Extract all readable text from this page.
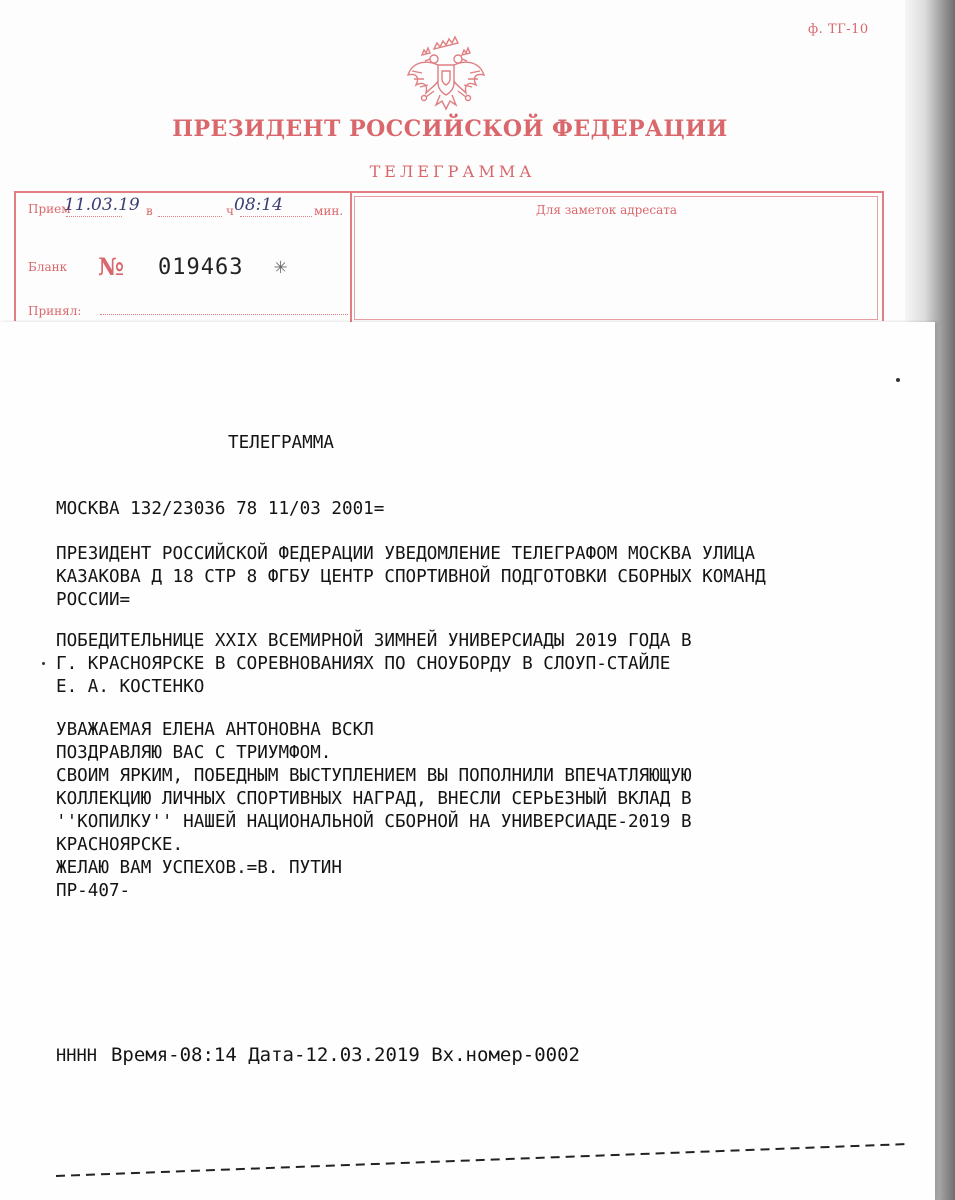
ф. ТГ-10
ПРЕЗИДЕНТ РОССИЙСКОЙ ФЕДЕРАЦИИ
ТЕЛЕГРАММА
Прием
11.03.19 в	ч 08:14	мин.
Бланк № 019463 ✳
Принял:
Для заметок адресата
ТЕЛЕГРАММА
МОСКВА 132/23036 78 11/03 2001=
ПРЕЗИДЕНТ РОССИЙСКОЙ ФЕДЕРАЦИИ УВЕДОМЛЕНИЕ ТЕЛЕГРАФОМ МОСКВА УЛИЦА
КАЗАКОВА Д 18 СТР 8 ФГБУ ЦЕНТР СПОРТИВНОЙ ПОДГОТОВКИ СБОРНЫХ КОМАНД
РОССИИ=
ПОБЕДИТЕЛЬНИЦЕ XXIX ВСЕМИРНОЙ ЗИМНЕЙ УНИВЕРСИАДЫ 2019 ГОДА В
Г. КРАСНОЯРСКЕ В СОРЕВНОВАНИЯХ ПО СНОУБОРДУ В СЛОУП-СТАЙЛЕ
Е. А. КОСТЕНКО
УВАЖАЕМАЯ ЕЛЕНА АНТОНОВНА ВСКЛ
ПОЗДРАВЛЯЮ ВАС С ТРИУМФОМ.
СВОИМ ЯРКИМ, ПОБЕДНЫМ ВЫСТУПЛЕНИЕМ ВЫ ПОПОЛНИЛИ ВПЕЧАТЛЯЮЩУЮ
КОЛЛЕКЦИЮ ЛИЧНЫХ СПОРТИВНЫХ НАГРАД, ВНЕСЛИ СЕРЬЕЗНЫЙ ВКЛАД В
''КОПИЛКУ'' НАШЕЙ НАЦИОНАЛЬНОЙ СБОРНОЙ НА УНИВЕРСИАДЕ-2019 В
КРАСНОЯРСКЕ.
ЖЕЛАЮ ВАМ УСПЕХОВ.=В. ПУТИН
ПР-407-
НННН Время-08:14 Дата-12.03.2019 Вх.номер-0002
